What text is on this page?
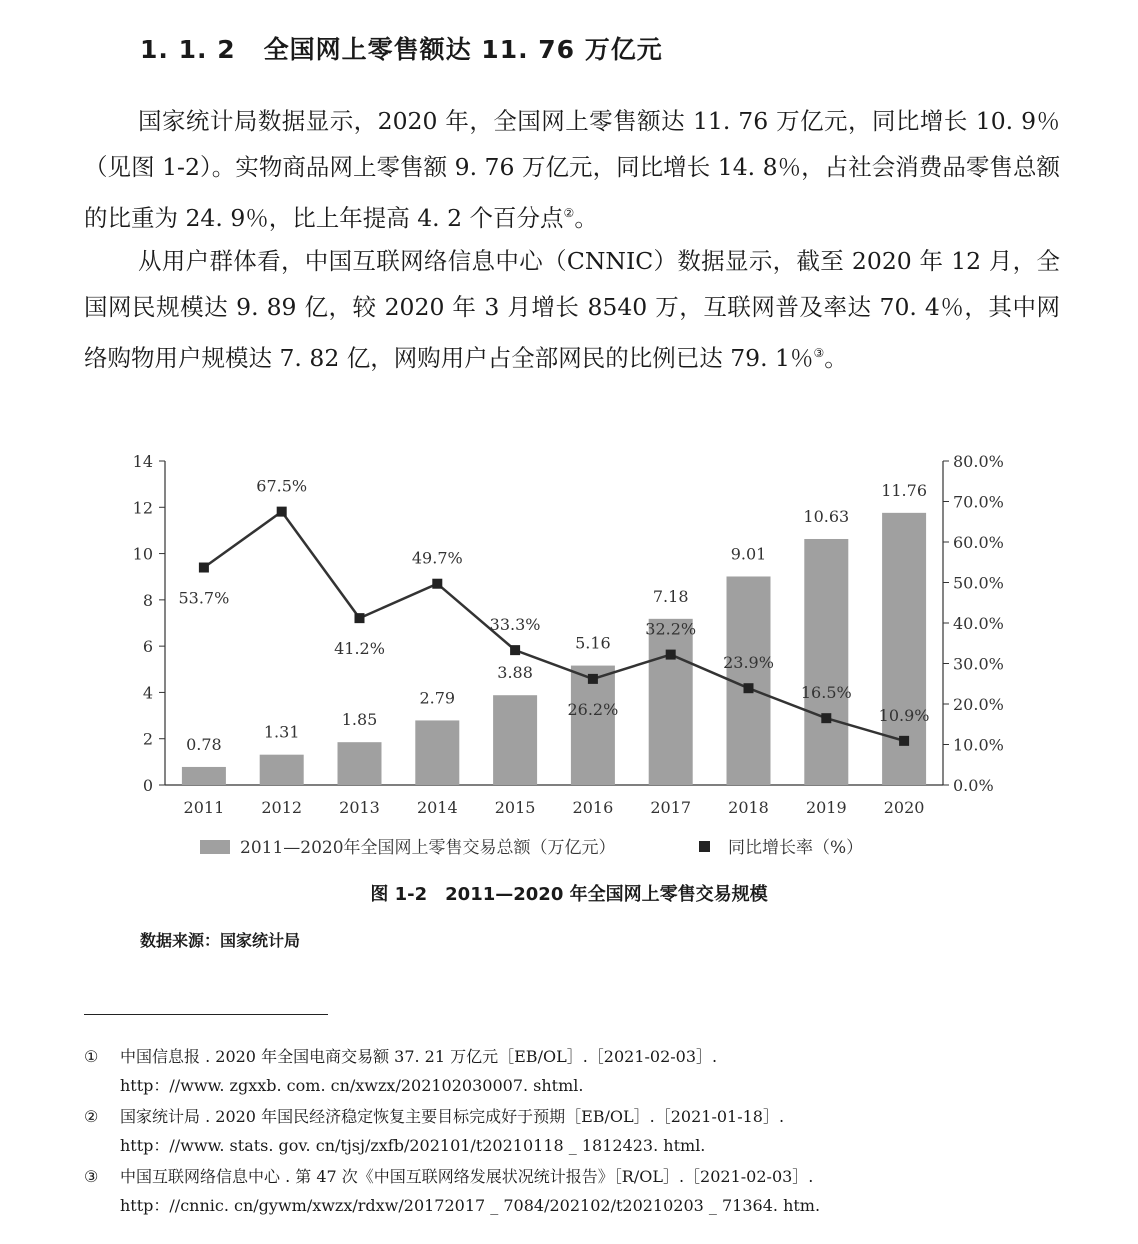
1. 1. 2 全国网上零售额达 11. 76 万亿元

国家统计局数据显示，2020 年，全国网上零售额达 11. 76 万亿元，同比增长 10. 9％（见图 1-2）。实物商品网上零售额 9. 76 万亿元，同比增长 14. 8％，占社会消费品零售总额的比重为 24. 9％，比上年提高 4. 2 个百分点②。

从用户群体看，中国互联网络信息中心（CNNIC）数据显示，截至 2020 年 12 月，全国网民规模达 9. 89 亿，较 2020 年 3 月增长 8540 万，互联网普及率达 70. 4％，其中网络购物用户规模达 7. 82 亿，网购用户占全部网民的比例已达 79. 1％③。

0
2
4
6
8
10
12
14
0.0%
10.0%
20.0%
30.0%
40.0%
50.0%
60.0%
70.0%
80.0%
2011 2012 2013 2014 2015 2016 2017 2018 2019 2020
0.78
1.31
1.85
2.79
3.88
5.16
7.18
9.01
10.63
11.76
53.7%
67.5%
41.2%
49.7%
33.3%
26.2%
32.2%
23.9%
16.5%
10.9%
2011—2020年全国网上零售交易总额（万亿元）	同比增长率（%）
图 1-2　2011—2020 年全国网上零售交易规模
数据来源：国家统计局
① 中国信息报 . 2020 年全国电商交易额 37. 21 万亿元［EB/OL］.［2021-02-03］.
http：//www. zgxxb. com. cn/xwzx/202102030007. shtml.
② 国家统计局 . 2020 年国民经济稳定恢复主要目标完成好于预期［EB/OL］.［2021-01-18］.
http：//www. stats. gov. cn/tjsj/zxfb/202101/t20210118 _ 1812423. html.
③ 中国互联网络信息中心 . 第 47 次《中国互联网络发展状况统计报告》［R/OL］.［2021-02-03］.
http：//cnnic. cn/gywm/xwzx/rdxw/20172017 _ 7084/202102/t20210203 _ 71364. htm.
